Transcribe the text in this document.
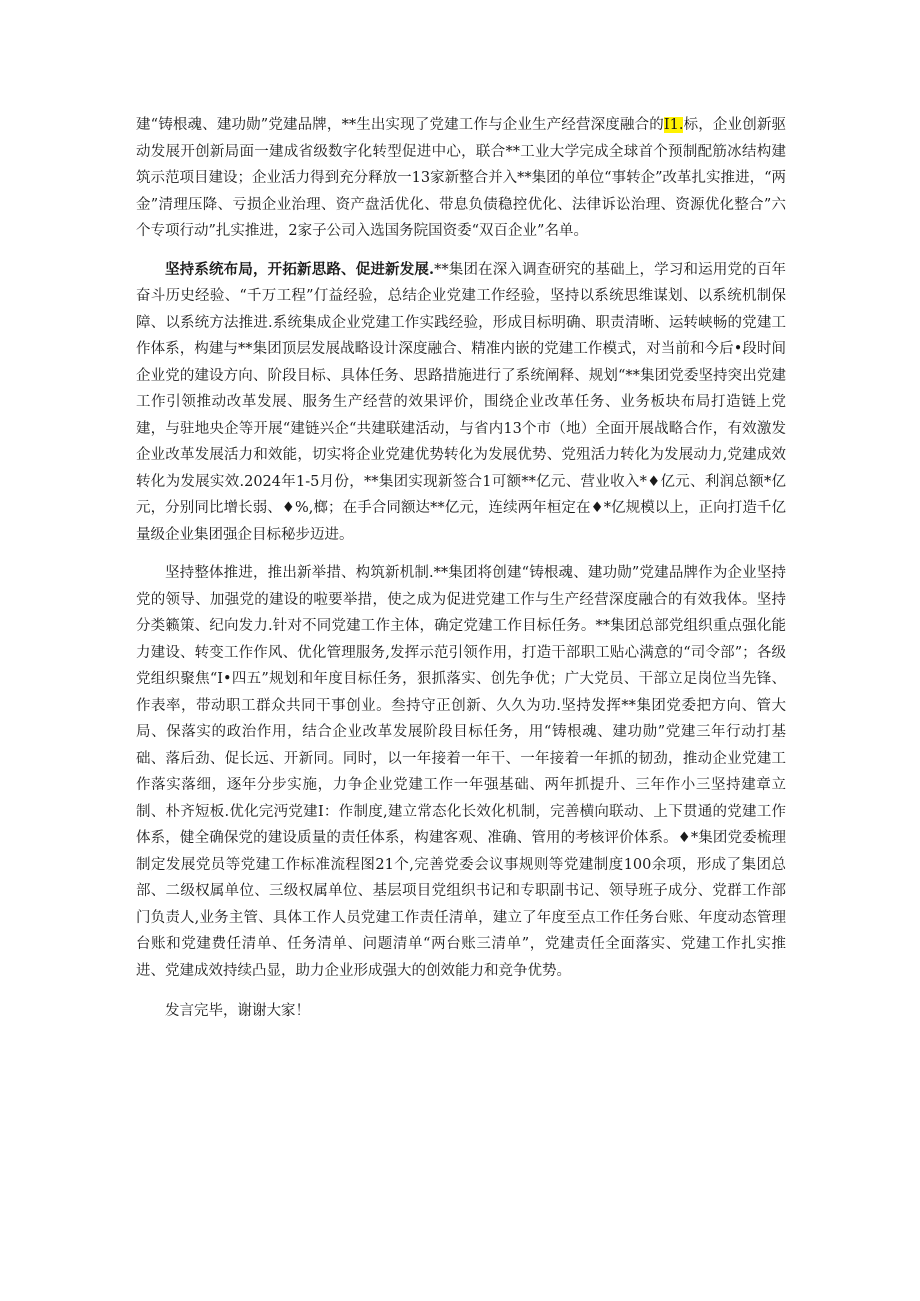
建“铸根魂、建功勋”党建品牌，**生出实现了党建工作与企业生产经营深度融合的I1.标，企业创新驱动发展开创新局面一建成省级数字化转型促进中心，联合**工业大学完成全球首个预制配筋冰结构建筑示范项目建设；企业活力得到充分释放一13家新整合并入**集团的单位“事转企”改革扎实推进，“两金”清理压降、亏损企业治理、资产盘活优化、带息负债稳控优化、法律诉讼治理、资源优化整合”六个专项行动”扎实推进，2家子公司入选国务院国资委“双百企业”名单。

坚持系统布局，开拓新思路、促进新发展.**集团在深入调查研究的基础上，学习和运用党的百年奋斗历史经验、“千万工程”仃益经验，总结企业党建工作经验，坚持以系统思维谋划、以系统机制保障、以系统方法推进.系统集成企业党建工作实践经验，形成目标明确、职责清晰、运转峡畅的党建工作体系，构建与**集团顶层发展战略设计深度融合、精准内嵌的党建工作模式，对当前和今后•段时间企业党的建设方向、阶段目标、具体任务、思路措施进行了系统阐释、规划“**集团党委坚持突出党建工作引领推动改革发展、服务生产经营的效果评价，围绕企业改革任务、业务板块布局打造链上党建，与驻地央企等开展“建链兴企“共建联建活动，与省内13个市（地）全面开展战略合作，有效激发企业改革发展活力和效能，切实将企业党建优势转化为发展优势、党殂活力转化为发展动力,党建成效转化为发展实效.2024年1-5月份，**集团实现新签合1可额**亿元、营业收入*♦亿元、利润总额*亿元，分别同比增长弱、♦%,榔；在手合同额达**亿元，连续两年桓定在♦*亿规模以上，正向打造千亿量级企业集团强企目标秘步迈进。

坚持整体推进，推出新举措、构筑新机制.**集团将创建“铸根魂、建功勋”党建品牌作为企业坚持党的领导、加强党的建设的啦要举措，使之成为促进党建工作与生产经营深度融合的有效我体。坚持分类籁策、纪向发力.针对不同党建工作主体，确定党建工作目标任务。**集团总部党组织重点强化能力建设、转变工作作风、优化管理服务,发挥示范引领作用，打造干部职工贴心满意的“司令部”；各级党组织聚焦“I•四五”规划和年度目标任务，狠抓落实、创先争优；广大党员、干部立足岗位当先锋、作表率，带动职工群众共同干事创业。叁持守正创新、久久为功.坚持发挥**集团党委把方向、管大局、保落实的政治作用，结合企业改革发展阶段目标任务，用“铸根魂、建功勋”党建三年行动打基础、落后劲、促长远、开新同。同时，以一年接着一年干、一年接着一年抓的韧劲，推动企业党建工作落实落细，逐年分步实施，力争企业党建工作一年强基础、两年抓提升、三年作小三坚持建章立制、朴齐短板.优化完沔党建I：作制度,建立常态化长效化机制，完善横向联动、上下贯通的党建工作体系，健全确保党的建设质量的责任体系，构建客观、准确、管用的考核评价体系。♦*集团党委梳理制定发展党员等党建工作标准流程图21个,完善党委会议事规则等党建制度100余项，形成了集团总部、二级权属单位、三级权属单位、基层项目党组织书记和专职副书记、领导班子成分、党群工作部门负责人,业务主管、具体工作人员党建工作责任清单，建立了年度至点工作任务台账、年度动态管理台账和党建费任清单、任务清单、问题清单“两台账三清单”，党建责任全面落实、党建工作扎实推进、党建成效持续凸显，助力企业形成强大的创效能力和竞争优势。

发言完毕，谢谢大家！
